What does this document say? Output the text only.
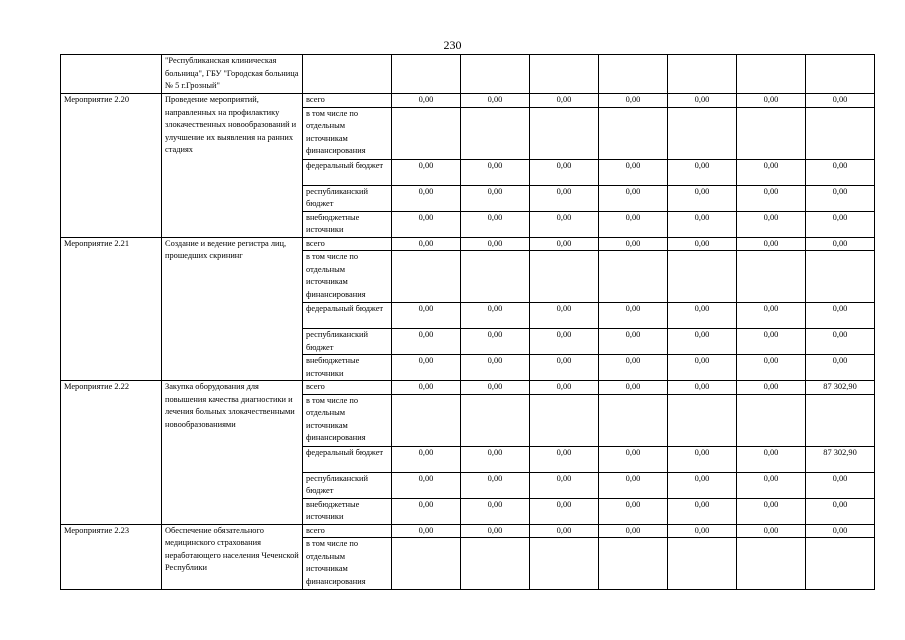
230
	"Республиканская клиническая больница", ГБУ "Городская больница № 5 г.Грозный"								
Мероприятие 2.20	Проведение мероприятий, направленных на профилактику злокачественных новообразований и улучшение их выявления на ранних стадиях	всего	0,00	0,00	0,00	0,00	0,00	0,00	0,00
		в том числе по отдельным источникам финансирования							
		федеральный бюджет	0,00	0,00	0,00	0,00	0,00	0,00	0,00
		республиканский бюджет	0,00	0,00	0,00	0,00	0,00	0,00	0,00
		внебюджетные источники	0,00	0,00	0,00	0,00	0,00	0,00	0,00
Мероприятие 2.21	Создание и ведение регистра лиц, прошедших скрининг	всего	0,00	0,00	0,00	0,00	0,00	0,00	0,00
		в том числе по отдельным источникам финансирования							
		федеральный бюджет	0,00	0,00	0,00	0,00	0,00	0,00	0,00
		республиканский бюджет	0,00	0,00	0,00	0,00	0,00	0,00	0,00
		внебюджетные источники	0,00	0,00	0,00	0,00	0,00	0,00	0,00
Мероприятие 2.22	Закупка оборудования для повышения качества диагностики и лечения больных злокачественными новообразованиями	всего	0,00	0,00	0,00	0,00	0,00	0,00	87 302,90
		в том числе по отдельным источникам финансирования							
		федеральный бюджет	0,00	0,00	0,00	0,00	0,00	0,00	87 302,90
		республиканский бюджет	0,00	0,00	0,00	0,00	0,00	0,00	0,00
		внебюджетные источники	0,00	0,00	0,00	0,00	0,00	0,00	0,00
Мероприятие 2.23	Обеспечение обязательного медицинского страхования неработающего населения Чеченской Республики	всего	0,00	0,00	0,00	0,00	0,00	0,00	0,00
		в том числе по отдельным источникам финансирования							
